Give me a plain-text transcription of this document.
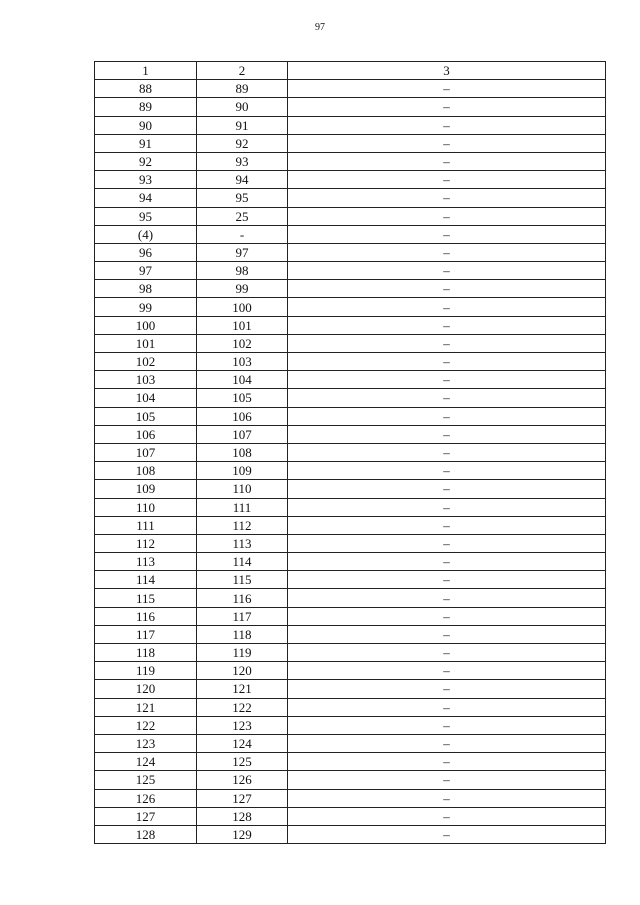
97
1	2	3
88	89	–
89	90	–
90	91	–
91	92	–
92	93	–
93	94	–
94	95	–
95	25	–
(4)	-	–
96	97	–
97	98	–
98	99	–
99	100	–
100	101	–
101	102	–
102	103	–
103	104	–
104	105	–
105	106	–
106	107	–
107	108	–
108	109	–
109	110	–
110	111	–
111	112	–
112	113	–
113	114	–
114	115	–
115	116	–
116	117	–
117	118	–
118	119	–
119	120	–
120	121	–
121	122	–
122	123	–
123	124	–
124	125	–
125	126	–
126	127	–
127	128	–
128	129	–
